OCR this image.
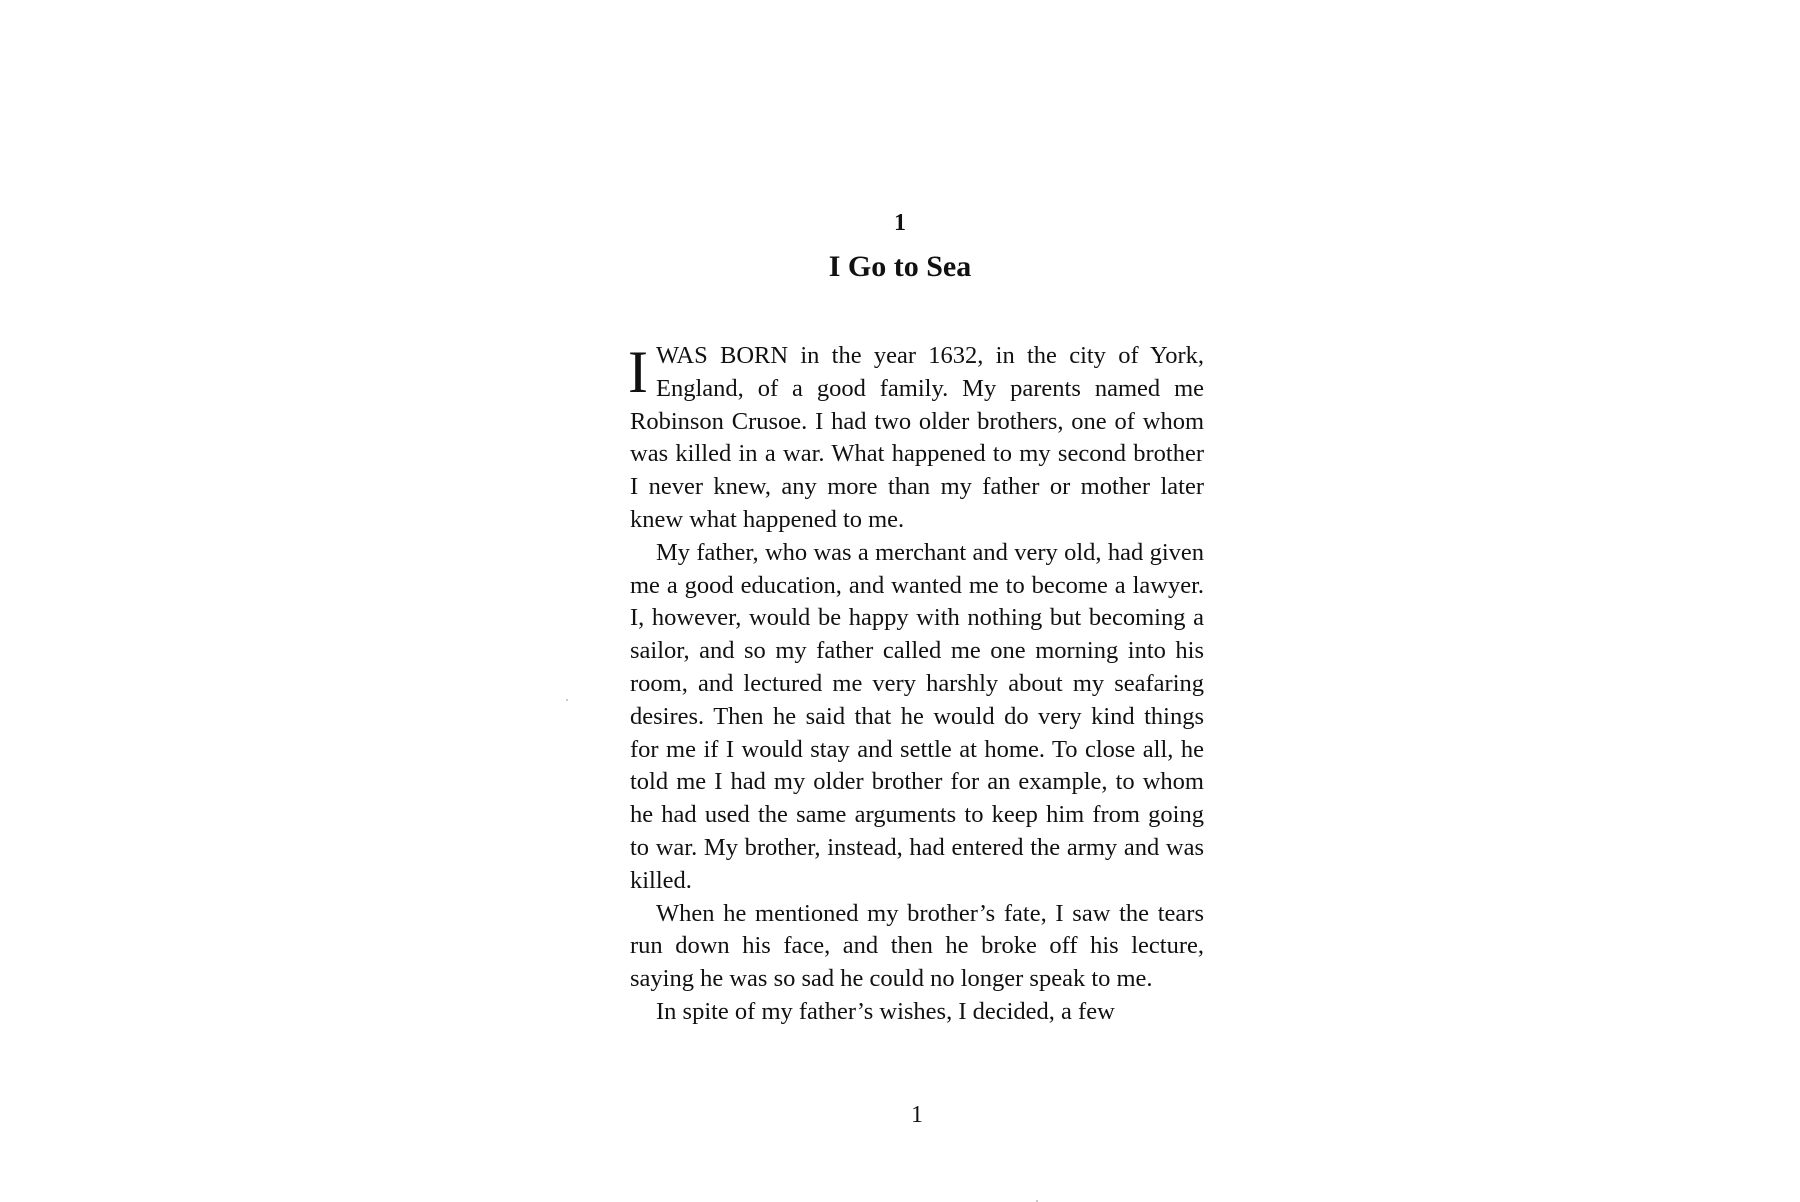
1
I Go to Sea

I WAS BORN in the year 1632, in the city of York, England, of a good family. My parents named me Robinson Crusoe. I had two older brothers, one of whom was killed in a war. What happened to my second brother I never knew, any more than my father or mother later knew what happened to me.

My father, who was a merchant and very old, had given me a good education, and wanted me to become a lawyer. I, however, would be happy with nothing but becoming a sailor, and so my father called me one morning into his room, and lectured me very harshly about my seafaring desires. Then he said that he would do very kind things for me if I would stay and settle at home. To close all, he told me I had my older brother for an example, to whom he had used the same arguments to keep him from going to war. My brother, instead, had entered the army and was killed.

When he mentioned my brother’s fate, I saw the tears run down his face, and then he broke off his lecture, saying he was so sad he could no longer speak to me.

In spite of my father’s wishes, I decided, a few

1
